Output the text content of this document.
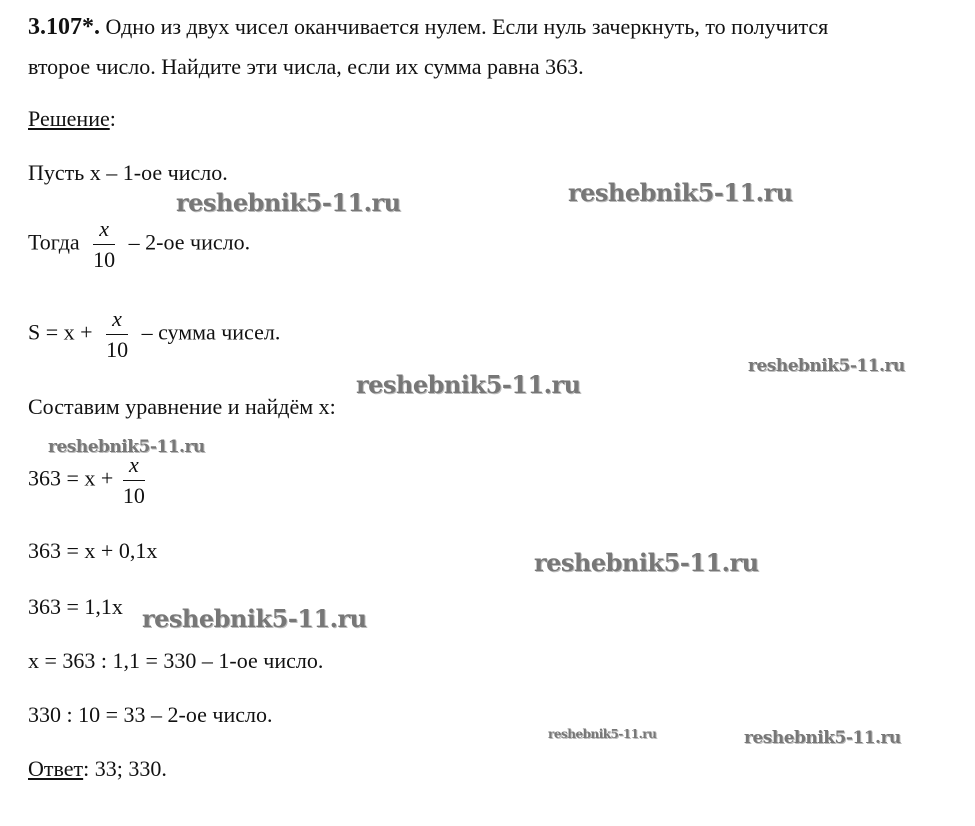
3.107*. Одно из двух чисел оканчивается нулем. Если нуль зачеркнуть, то получится
второе число. Найдите эти числа, если их сумма равна 363.
Решение:
Пусть x – 1-ое число.
Тогда $\frac{x}{10} - 2-ое$ число.
$S = x + \frac{x}{10}$ – сумма чисел.
Составим уравнение и найдём x:
$363 = x + \frac{x}{10}$
363 = x + 0,1x
363 = 1,1x
x = 363 : 1,1 = 330 – 1-ое число.
330 : 10 = 33 – 2-ое число.
Ответ: 33; 330.
reshebnik5-11.ru	reshebnik5-11.ru
reshebnik5-11.ru
reshebnik5-11.ru
reshebnik5-11.ru
reshebnik5-11.ru
reshebnik5-11.ru
reshebnik5-11.ru	reshebnik5-11.ru
